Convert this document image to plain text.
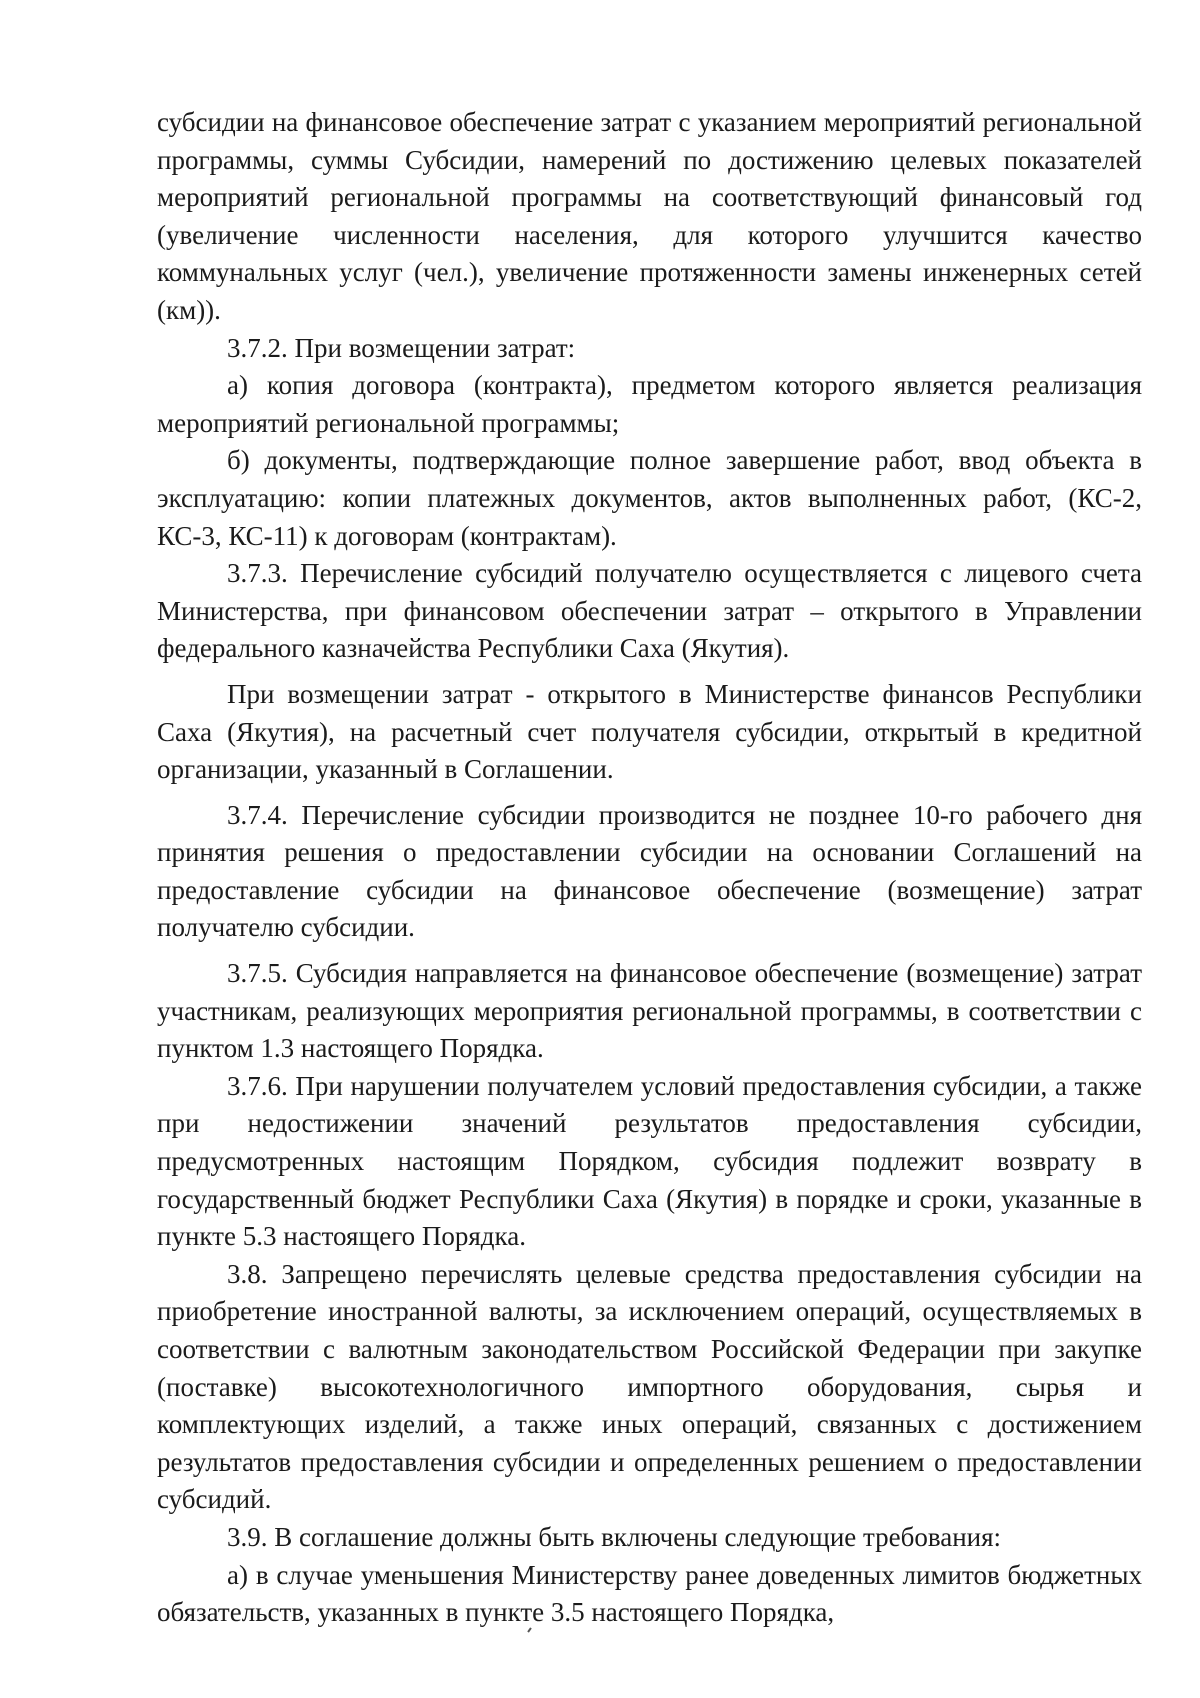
субсидии на финансовое обеспечение затрат с указанием мероприятий региональной программы, суммы Субсидии, намерений по достижению целевых показателей мероприятий региональной программы на соответствующий финансовый год (увеличение численности населения, для которого улучшится качество коммунальных услуг (чел.), увеличение протяженности замены инженерных сетей (км)).

3.7.2. При возмещении затрат:

а) копия договора (контракта), предметом которого является реализация мероприятий региональной программы;

б) документы, подтверждающие полное завершение работ, ввод объекта в эксплуатацию: копии платежных документов, актов выполненных работ, (КС-2, КС-3, КС-11) к договорам (контрактам).

3.7.3. Перечисление субсидий получателю осуществляется с лицевого счета Министерства, при финансовом обеспечении затрат – открытого в Управлении федерального казначейства Республики Саха (Якутия).

При возмещении затрат - открытого в Министерстве финансов Республики Саха (Якутия), на расчетный счет получателя субсидии, открытый в кредитной организации, указанный в Соглашении.

3.7.4. Перечисление субсидии производится не позднее 10-го рабочего дня принятия решения о предоставлении субсидии на основании Соглашений на предоставление субсидии на финансовое обеспечение (возмещение) затрат получателю субсидии.

3.7.5. Субсидия направляется на финансовое обеспечение (возмещение) затрат участникам, реализующих мероприятия региональной программы, в соответствии с пунктом 1.3 настоящего Порядка.

3.7.6. При нарушении получателем условий предоставления субсидии, а также при недостижении значений результатов предоставления субсидии, предусмотренных настоящим Порядком, субсидия подлежит возврату в государственный бюджет Республики Саха (Якутия) в порядке и сроки, указанные в пункте 5.3 настоящего Порядка.

3.8. Запрещено перечислять целевые средства предоставления субсидии на приобретение иностранной валюты, за исключением операций, осуществляемых в соответствии с валютным законодательством Российской Федерации при закупке (поставке) высокотехнологичного импортного оборудования, сырья и комплектующих изделий, а также иных операций, связанных с достижением результатов предоставления субсидии и определенных решением о предоставлении субсидий.

3.9. В соглашение должны быть включены следующие требования:

а) в случае уменьшения Министерству ранее доведенных лимитов бюджетных обязательств, указанных в пункте 3.5 настоящего Порядка,
